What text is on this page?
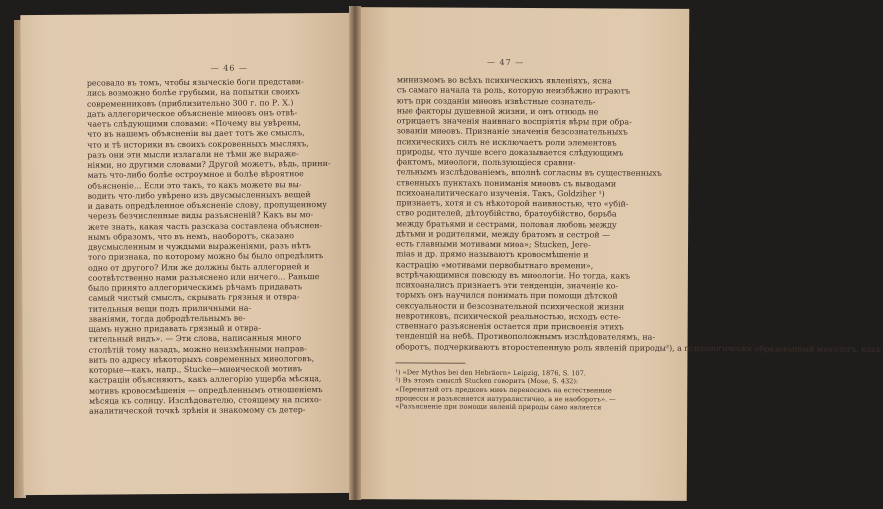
— 46 —
ресовало въ томъ, чтобы языческіе боги представи-
лись возможно болѣе грубыми, на попытки своихъ
современниковъ (приблизительно 300 г. по Р. Х.)
дать аллегорическое объясненіе миѳовъ онъ отвѣ-
чаетъ слѣдующими словами: «Почему вы увѣрены,
что въ нашемъ объясненіи вы дает тотъ же смыслъ,
что и тѣ историки въ своихъ сокровенныхъ мысляхъ,
разъ они эти мысли излагали не тѣми же выраже-
ніями, но другими словами? Другой можетъ, вѣдь, прини-
мать что-либо болѣе остроумное и болѣе вѣроятное
объясненіе... Если это такъ, то какъ можете вы вы-
водить что-либо увѣрено изъ двусмысленныхъ вещей
и давать опредѣленное объясненіе слову, пропущенному
черезъ безчисленные виды разъясненій? Какъ вы мо-
жете знать, какая часть разсказа составлена объяснен-
нымъ образомъ, что въ немъ, наоборотъ, сказано
двусмысленным и чуждыми выраженіями, разъ нѣтъ
того признака, по которому можно бы было опредѣлить
одно от другого? Или же должны быть аллегорией и
соотвѣтственно нами разъяснено или ничего... Раньше
было принято аллегорическимъ рѣчамъ придавать
самый чистый смыслъ, скрывать грязныя и отвра-
тительныя вещи подъ приличными на-
званіями, тогда добродѣтельнымъ ве-
щамъ нужно придавать грязный и отвра-
тительный видъ». — Эти слова, написанныя много
столѣтій тому назадъ, можно неизмѣнными направ-
вить по адресу нѣкоторыхъ современных миѳологовъ,
которые—какъ, напр., Stucke—миѳической мотивъ
кастраціи объясняютъ, какъ аллегорію ущерба мѣсяца,
мотивъ кровосмѣшенія — опредѣленнымъ отношеніемъ
мѣсяца къ солнцу. Изслѣдователю, стоящему на психо-
аналитической точкѣ зрѣнія и знакомому съ детер-
— 47 —
минизмомъ во всѣхъ психическихъ явленіяхъ, ясна
съ самаго начала та роль, которую неизбѣжно играютъ
ютъ при созданіи миѳовъ извѣстные сознатель-
ные факторы душевной жизни, и онъ отнюдь не
отрицаетъ значенія наивнаго воспріятія вѣры при обра-
зованіи миѳовъ. Признаніе значенія безсознательныхъ
психическихъ силъ не исключаетъ роли элементовъ
природы, что лучше всего доказывается слѣдующимъ
фактомъ, миѳологи, пользующіеся сравни-
тельнымъ изслѣдованіемъ, вполнѣ согласны въ существенныхъ
ственныхъ пунктахъ пониманія миѳовъ съ выводами
психоаналитическаго изученія. Такъ, Goldziher ¹)
признаетъ, хотя и съ нѣкоторой наивностью, что «убій-
ство родителей, дѣтоубійство, братоубійство, борьба
между братьями и сестрами, половая любовь между
дѣтьми и родителями, между братомъ и сестрой —
есть главными мотивами миѳа»; Stucken, Jere-
mias и др. прямо называютъ кровосмѣшеніе и
кастрацію «мотивами первобытнаго времени»,
встрѣчающимися повсюду въ миѳологіи. Но тогда, какъ
психоаналисъ признаетъ эти тенденціи, значеніе ко-
торыхъ онъ научился понимать при помощи дѣтской
сексуальности и безсознательной психической жизни
невротиковъ, психической реальностью, исходъ есте-
ственнаго разъясненія остается при присвоенія этихъ
тенденцій на небѣ. Противоположнымъ изслѣдователямъ, на-
оборотъ, подчеркиваютъ второстепенную роль явленій природы²), а психологически образованный миѳологъ, какъ
¹) «Der Mythos bei den Hebräern» Leipzig, 1876, S. 107.
²) Въ этомъ смыслѣ Stucken говоритъ (Mose, S. 432):
«Перенятый отъ предковъ миѳъ переносимъ на естественные
процессы и разъясняется натуралистично, а не наоборотъ». —
«Разъясненіе при помощи явленій природы само является
